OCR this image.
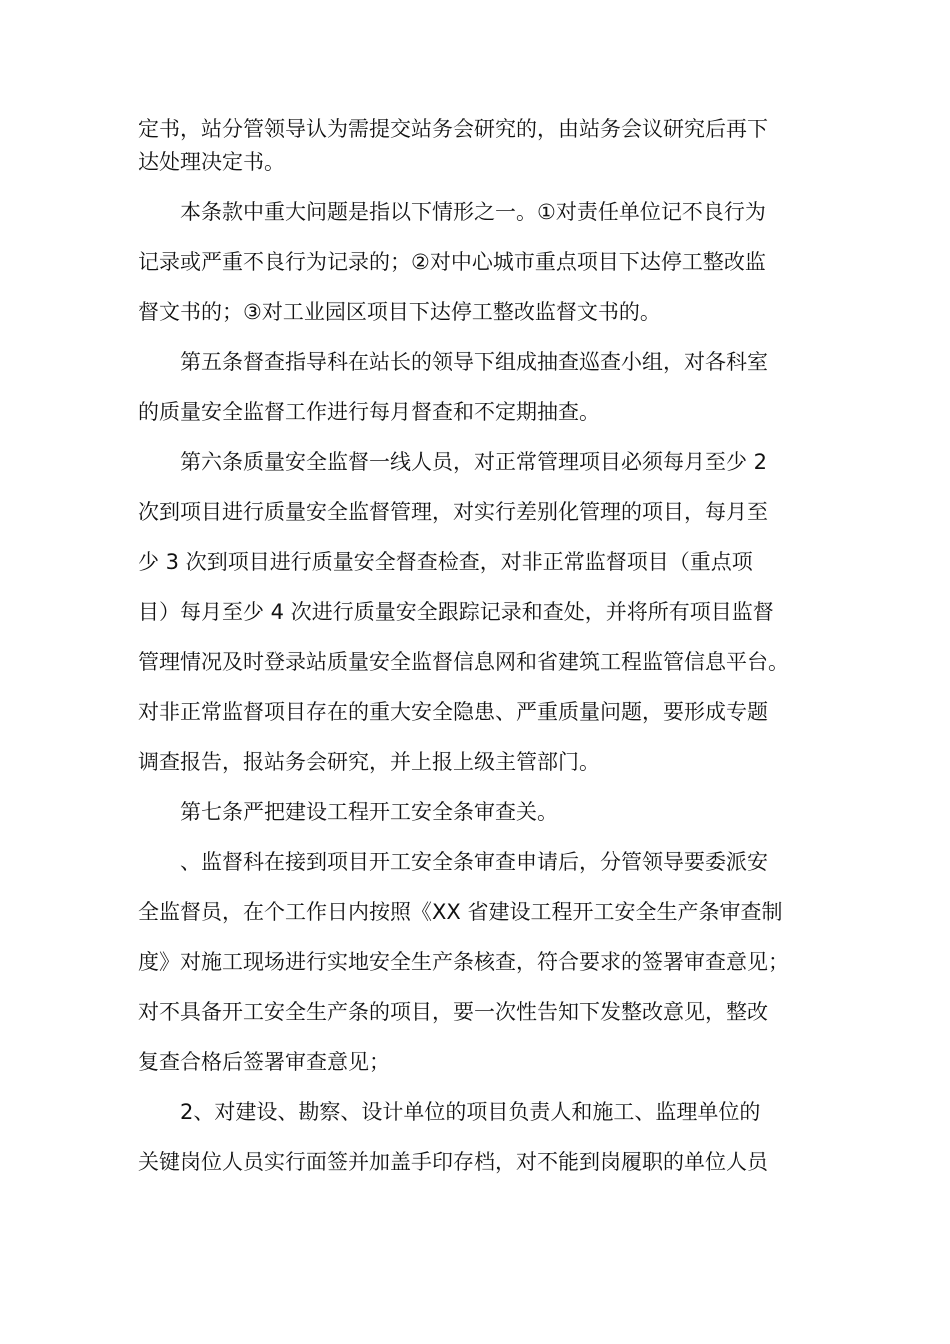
定书，站分管领导认为需提交站务会研究的，由站务会议研究后再下
达处理决定书。
本条款中重大问题是指以下情形之一。①对责任单位记不良行为
记录或严重不良行为记录的；②对中心城市重点项目下达停工整改监
督文书的；③对工业园区项目下达停工整改监督文书的。
第五条督查指导科在站长的领导下组成抽查巡查小组，对各科室
的质量安全监督工作进行每月督查和不定期抽查。
第六条质量安全监督一线人员，对正常管理项目必须每月至少 2
次到项目进行质量安全监督管理，对实行差别化管理的项目，每月至
少 3 次到项目进行质量安全督查检查，对非正常监督项目（重点项
目）每月至少 4 次进行质量安全跟踪记录和查处，并将所有项目监督
管理情况及时登录站质量安全监督信息网和省建筑工程监管信息平台。
对非正常监督项目存在的重大安全隐患、严重质量问题，要形成专题
调查报告，报站务会研究，并上报上级主管部门。
第七条严把建设工程开工安全条审查关。
、监督科在接到项目开工安全条审查申请后，分管领导要委派安
全监督员，在个工作日内按照《XX 省建设工程开工安全生产条审查制
度》对施工现场进行实地安全生产条核查，符合要求的签署审查意见；
对不具备开工安全生产条的项目，要一次性告知下发整改意见，整改
复查合格后签署审查意见；
2、对建设、勘察、设计单位的项目负责人和施工、监理单位的
关键岗位人员实行面签并加盖手印存档，对不能到岗履职的单位人员
